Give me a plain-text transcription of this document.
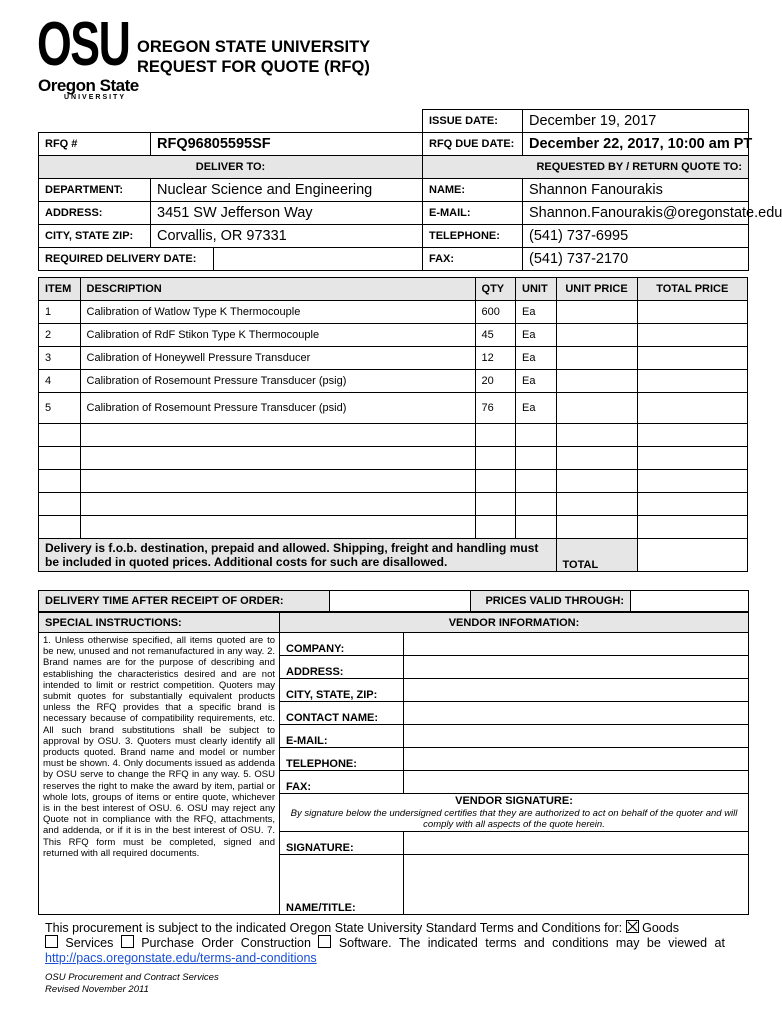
OSU
Oregon State
UNIVERSITY
OREGON STATE UNIVERSITY
REQUEST FOR QUOTE (RFQ)
			ISSUE DATE:	December 19, 2017
RFQ #	RFQ96805595SF		RFQ DUE DATE:	December 22, 2017, 10:00 am PT
DELIVER TO:			REQUESTED BY / RETURN QUOTE TO:	
DEPARTMENT:	Nuclear Science and Engineering		NAME:	Shannon Fanourakis
ADDRESS:	3451 SW Jefferson Way		E-MAIL:	Shannon.Fanourakis@oregonstate.edu
CITY, STATE ZIP:	Corvallis, OR 97331		TELEPHONE:	(541) 737-6995
REQUIRED DELIVERY DATE:			FAX:	(541) 737-2170
ITEM	DESCRIPTION	QTY	UNIT	UNIT PRICE	TOTAL PRICE
1	Calibration of Watlow Type K Thermocouple	600	Ea		
2	Calibration of RdF Stikon Type K Thermocouple	45	Ea		
3	Calibration of Honeywell Pressure Transducer	12	Ea		
4	Calibration of Rosemount Pressure Transducer (psig)	20	Ea		
5	Calibration of Rosemount Pressure Transducer (psid)	76	Ea		

Delivery is f.o.b. destination, prepaid and allowed. Shipping, freight and handling must be included in quoted prices. Additional costs for such are disallowed.				TOTAL	
DELIVERY TIME AFTER RECEIPT OF ORDER:		PRICES VALID THROUGH:	
SPECIAL INSTRUCTIONS:	VENDOR INFORMATION:	
1. Unless otherwise specified, all items quoted are to be new, unused and not remanufactured in any way. 2. Brand names are for the purpose of describing and establishing the characteristics desired and are not intended to limit or restrict competition. Quoters may submit quotes for substantially equivalent products unless the RFQ provides that a specific brand is necessary because of compatibility requirements, etc. All such brand substitutions shall be subject to approval by OSU. 3. Quoters must clearly identify all products quoted. Brand name and model or number must be shown. 4. Only documents issued as addenda by OSU serve to change the RFQ in any way. 5. OSU reserves the right to make the award by item, partial or whole lots, groups of items or entire quote, whichever is in the best interest of OSU. 6. OSU may reject any Quote not in compliance with the RFQ, attachments, and addenda, or if it is in the best interest of OSU. 7. This RFQ form must be completed, signed and returned with all required documents.	COMPANY:	
	ADDRESS:	
	CITY, STATE, ZIP:	
	CONTACT NAME:	
	E-MAIL:	
	TELEPHONE:	
	FAX:	
	VENDOR SIGNATURE:	
	By signature below the undersigned certifies that they are authorized to act on behalf of the quoter and will comply with all aspects of the quote herein.	
	SIGNATURE:	
	NAME/TITLE:	
This procurement is subject to the indicated Oregon State University Standard Terms and Conditions for: Goods
Services Purchase Order Construction Software. The indicated terms and conditions may be viewed at
http://pacs.oregonstate.edu/terms-and-conditions
OSU Procurement and Contract Services
Revised November 2011
